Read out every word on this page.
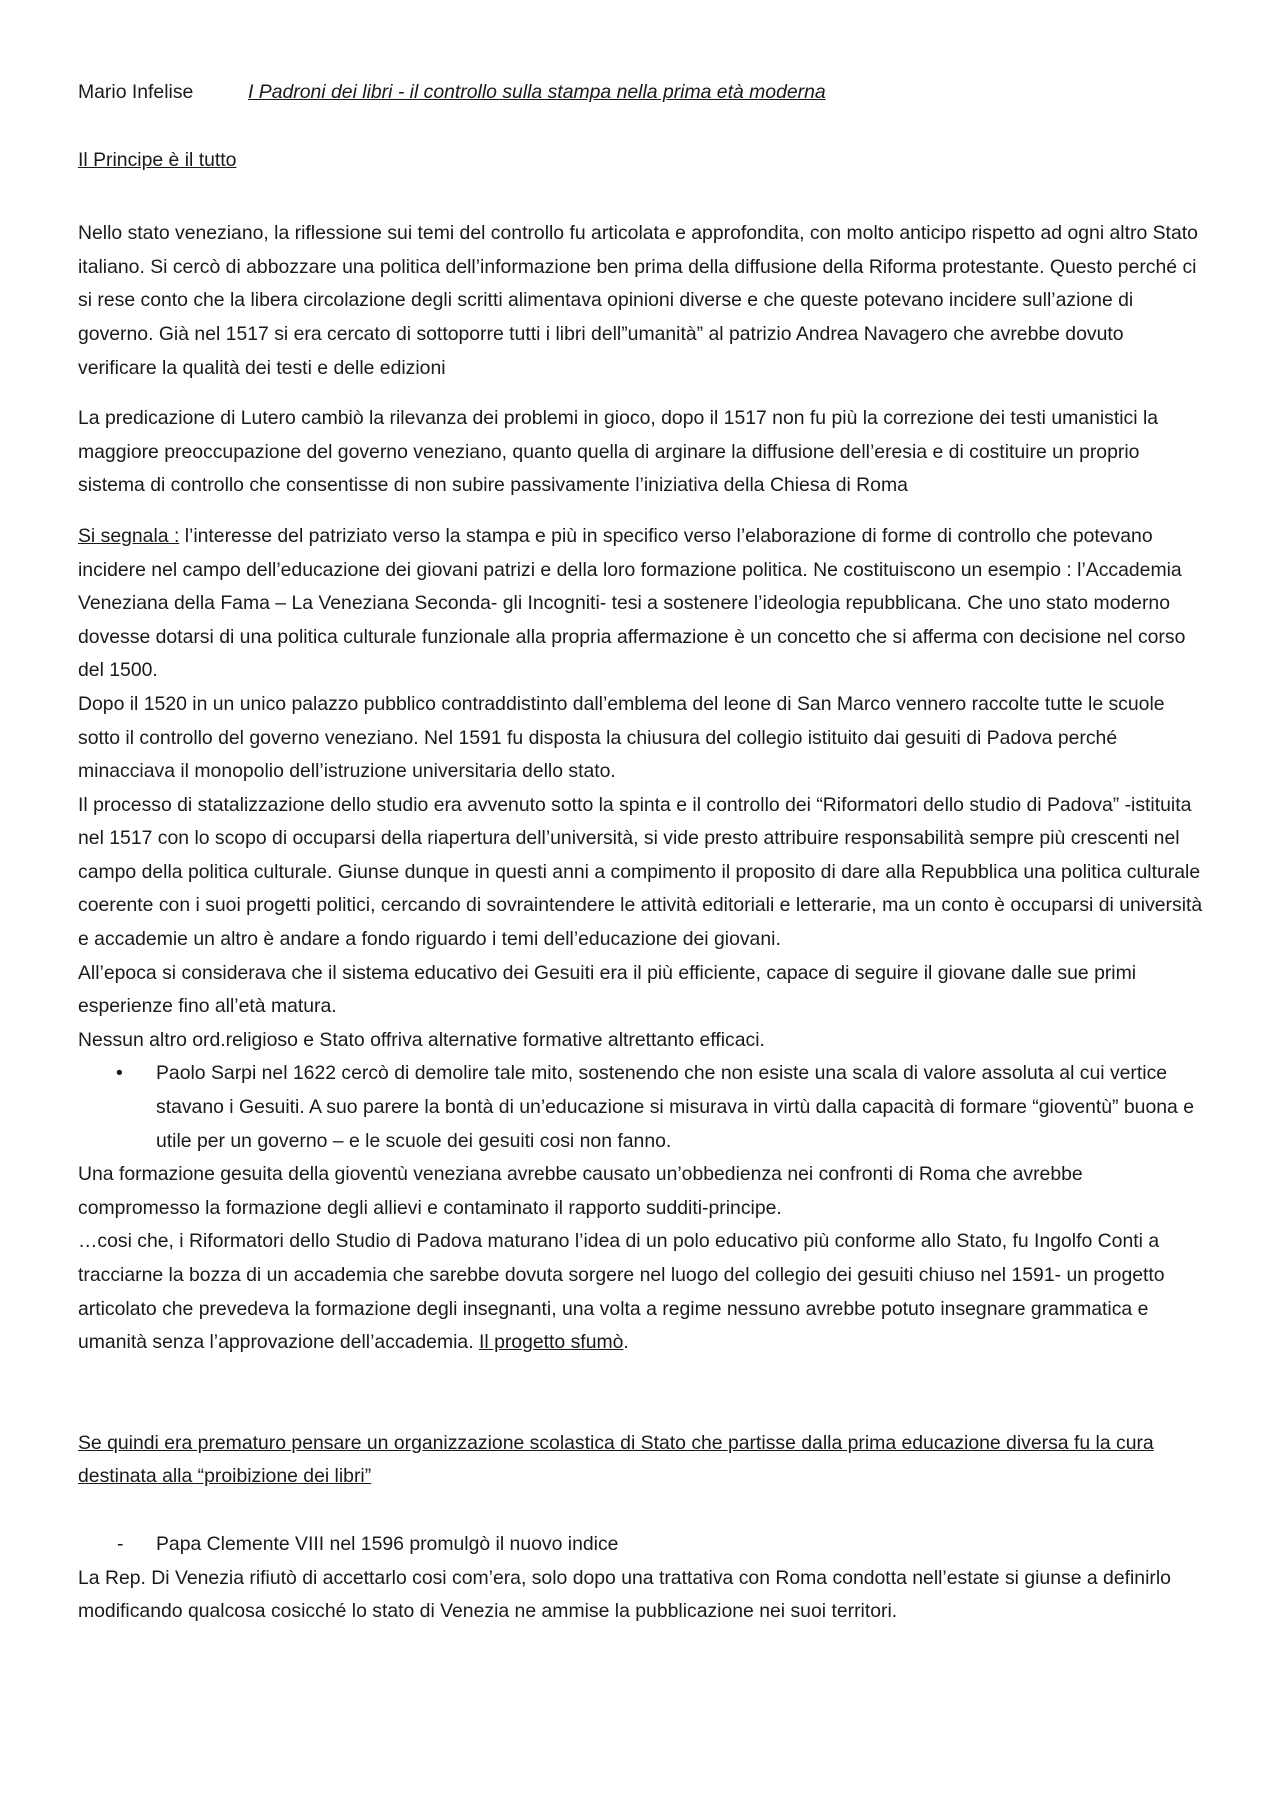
Mario Infelise	I Padroni dei libri - il controllo sulla stampa nella prima età moderna

Il Principe è il tutto

Nello stato veneziano, la riflessione sui temi del controllo fu articolata e approfondita, con molto anticipo rispetto ad ogni altro Stato italiano. Si cercò di abbozzare una politica dell’informazione ben prima della diffusione della Riforma protestante. Questo perché ci si rese conto che la libera circolazione degli scritti alimentava opinioni diverse e che queste potevano incidere sull’azione di governo. Già nel 1517 si era cercato di sottoporre tutti i libri dell”umanità” al patrizio Andrea Navagero che avrebbe dovuto verificare la qualità dei testi e delle edizioni

La predicazione di Lutero cambiò la rilevanza dei problemi in gioco, dopo il 1517 non fu più la correzione dei testi umanistici la maggiore preoccupazione del governo veneziano, quanto quella di arginare la diffusione dell’eresia e di costituire un proprio sistema di controllo che consentisse di non subire passivamente l’iniziativa della Chiesa di Roma

Si segnala : l’interesse del patriziato verso la stampa e più in specifico verso l’elaborazione di forme di controllo che potevano incidere nel campo dell’educazione dei giovani patrizi e della loro formazione politica. Ne costituiscono un esempio : l’Accademia Veneziana della Fama – La Veneziana Seconda- gli Incogniti- tesi a sostenere l’ideologia repubblicana. Che uno stato moderno dovesse dotarsi di una politica culturale funzionale alla propria affermazione è un concetto che si afferma con decisione nel corso del 1500.

Dopo il 1520 in un unico palazzo pubblico contraddistinto dall’emblema del leone di San Marco vennero raccolte tutte le scuole sotto il controllo del governo veneziano. Nel 1591 fu disposta la chiusura del collegio istituito dai gesuiti di Padova perché minacciava il monopolio dell’istruzione universitaria dello stato.

Il processo di statalizzazione dello studio era avvenuto sotto la spinta e il controllo dei “Riformatori dello studio di Padova” -istituita nel 1517 con lo scopo di occuparsi della riapertura dell’università, si vide presto attribuire responsabilità sempre più crescenti nel campo della politica culturale. Giunse dunque in questi anni a compimento il proposito di dare alla Repubblica una politica culturale coerente con i suoi progetti politici, cercando di sovraintendere le attività editoriali e letterarie, ma un conto è occuparsi di università e accademie un altro è andare a fondo riguardo i temi dell’educazione dei giovani.

All’epoca si considerava che il sistema educativo dei Gesuiti era il più efficiente, capace di seguire il giovane dalle sue primi esperienze fino all’età matura.

Nessun altro ord.religioso e Stato offriva alternative formative altrettanto efficaci.

• Paolo Sarpi nel 1622 cercò di demolire tale mito, sostenendo che non esiste una scala di valore assoluta al cui vertice stavano i Gesuiti. A suo parere la bontà di un’educazione si misurava in virtù dalla capacità di formare “gioventù” buona e utile per un governo – e le scuole dei gesuiti cosi non fanno.

Una formazione gesuita della gioventù veneziana avrebbe causato un’obbedienza nei confronti di Roma che avrebbe compromesso la formazione degli allievi e contaminato il rapporto sudditi-principe.

…cosi che, i Riformatori dello Studio di Padova maturano l’idea di un polo educativo più conforme allo Stato, fu Ingolfo Conti a tracciarne la bozza di un accademia che sarebbe dovuta sorgere nel luogo del collegio dei gesuiti chiuso nel 1591- un progetto articolato che prevedeva la formazione degli insegnanti, una volta a regime nessuno avrebbe potuto insegnare grammatica e umanità senza l’approvazione dell’accademia. Il progetto sfumò.

Se quindi era prematuro pensare un organizzazione scolastica di Stato che partisse dalla prima educazione diversa fu la cura destinata alla “proibizione dei libri”

- Papa Clemente VIII nel 1596 promulgò il nuovo indice

La Rep. Di Venezia rifiutò di accettarlo cosi com’era, solo dopo una trattativa con Roma condotta nell’estate si giunse a definirlo modificando qualcosa cosicché lo stato di Venezia ne ammise la pubblicazione nei suoi territori.
